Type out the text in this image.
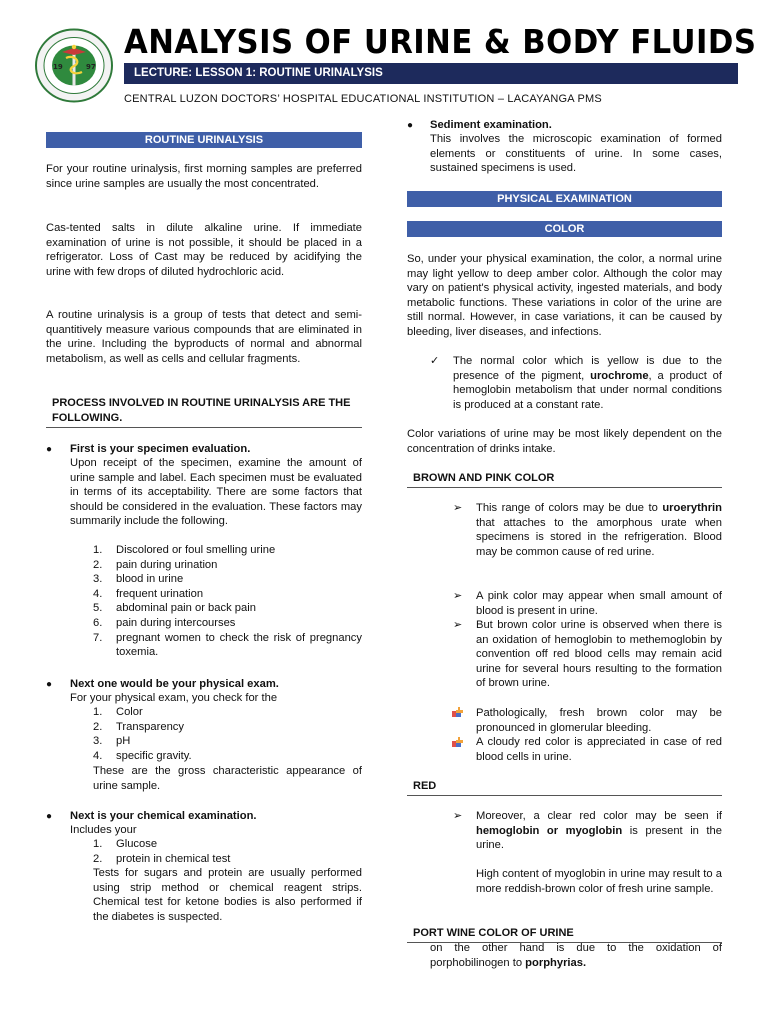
19	97
ANALYSIS OF URINE & BODY FLUIDS
LECTURE: LESSON 1: ROUTINE URINALYSIS
CENTRAL LUZON DOCTORS’ HOSPITAL EDUCATIONAL INSTITUTION – LACAYANGA PMS
ROUTINE URINALYSIS
For your routine urinalysis, first morning samples are preferred since urine samples are usually the most concentrated.
Cas-tented salts in dilute alkaline urine. If immediate examination of urine is not possible, it should be placed in a refrigerator. Loss of Cast may be reduced by acidifying the urine with few drops of diluted hydrochloric acid.
A routine urinalysis is a group of tests that detect and semi-quantitively measure various compounds that are eliminated in the urine. Including the byproducts of normal and abnormal metabolism, as well as cells and cellular fragments.
PROCESS INVOLVED IN ROUTINE URINALYSIS ARE THE FOLLOWING.
● First is your specimen evaluation.
Upon receipt of the specimen, examine the amount of urine sample and label. Each specimen must be evaluated in terms of its acceptability. There are some factors that should be considered in the evaluation. These factors may summarily include the following.
1. Discolored or foul smelling urine
2. pain during urination
3. blood in urine
4. frequent urination
5. abdominal pain or back pain
6. pain during intercourses
7. pregnant women to check the risk of pregnancy toxemia.
● Next one would be your physical exam.
For your physical exam, you check for the
1. Color
2. Transparency
3. pH
4. specific gravity.
These are the gross characteristic appearance of urine sample.
● Next is your chemical examination.
Includes your
1. Glucose
2. protein in chemical test
Tests for sugars and protein are usually performed using strip method or chemical reagent strips. Chemical test for ketone bodies is also performed if the diabetes is suspected.
● Sediment examination.
This involves the microscopic examination of formed elements or constituents of urine. In some cases, sustained specimens is used.
PHYSICAL EXAMINATION
COLOR
So, under your physical examination, the color, a normal urine may light yellow to deep amber color. Although the color may vary on patient's physical activity, ingested materials, and body metabolic functions. These variations in color of the urine are still normal. However, in case variations, it can be caused by bleeding, liver diseases, and infections.
✓ The normal color which is yellow is due to the presence of the pigment, urochrome, a product of hemoglobin metabolism that under normal conditions is produced at a constant rate.
Color variations of urine may be most likely dependent on the concentration of drinks intake.
BROWN AND PINK COLOR
➢ This range of colors may be due to uroerythrin that attaches to the amorphous urate when specimens is stored in the refrigeration. Blood may be common cause of red urine.
➢ A pink color may appear when small amount of blood is present in urine.
➢ But brown color urine is observed when there is an oxidation of hemoglobin to methemoglobin by convention off red blood cells may remain acid urine for several hours resulting to the formation of brown urine.
Pathologically, fresh brown color may be pronounced in glomerular bleeding.
A cloudy red color is appreciated in case of red blood cells in urine.
RED
➢ Moreover, a clear red color may be seen if hemoglobin or myoglobin is present in the urine.
High content of myoglobin in urine may result to a more reddish-brown color of fresh urine sample.
PORT WINE COLOR OF URINE
on the other hand is due to the oxidation of porphobilinogen to porphyrias.
